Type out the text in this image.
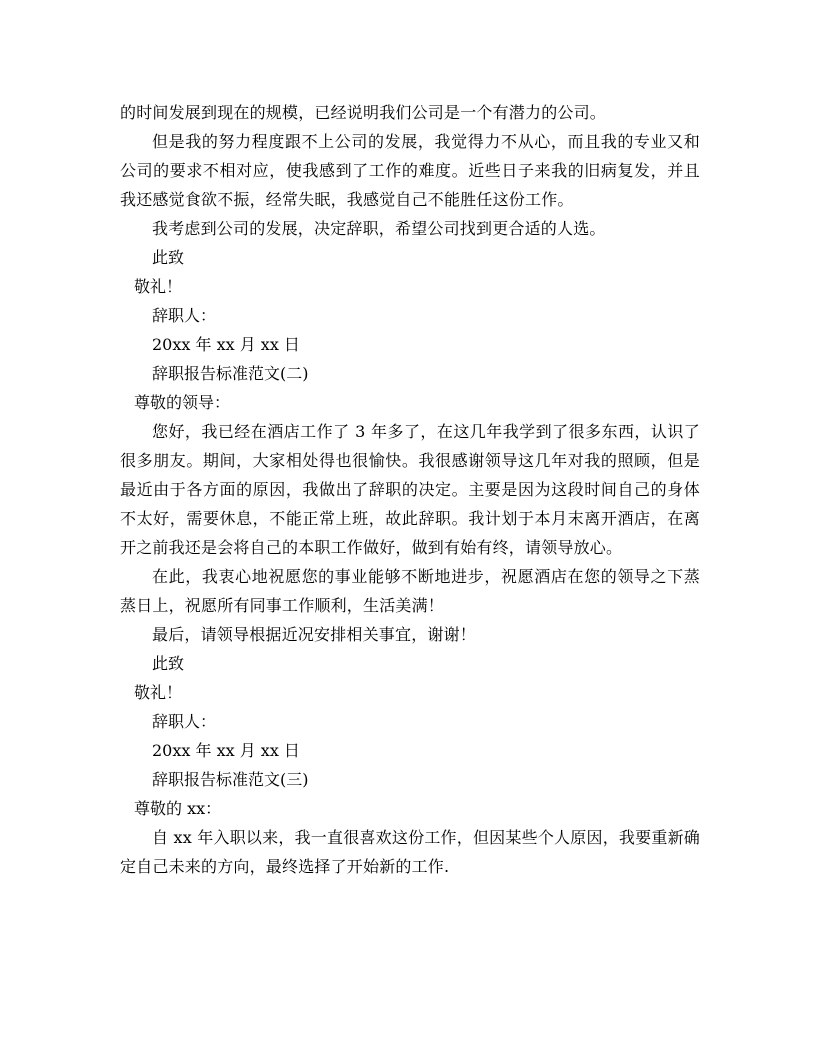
的时间发展到现在的规模，已经说明我们公司是一个有潜力的公司。

但是我的努力程度跟不上公司的发展，我觉得力不从心，而且我的专业又和公司的要求不相对应，使我感到了工作的难度。近些日子来我的旧病复发，并且我还感觉食欲不振，经常失眠，我感觉自己不能胜任这份工作。

我考虑到公司的发展，决定辞职，希望公司找到更合适的人选。

此致
敬礼！
辞职人：
20xx 年 xx 月 xx 日
辞职报告标准范文(二)
尊敬的领导：

您好，我已经在酒店工作了 3 年多了，在这几年我学到了很多东西，认识了很多朋友。期间，大家相处得也很愉快。我很感谢领导这几年对我的照顾，但是最近由于各方面的原因，我做出了辞职的决定。主要是因为这段时间自己的身体不太好，需要休息，不能正常上班，故此辞职。我计划于本月末离开酒店，在离开之前我还是会将自己的本职工作做好，做到有始有终，请领导放心。

在此，我衷心地祝愿您的事业能够不断地进步，祝愿酒店在您的领导之下蒸蒸日上，祝愿所有同事工作顺利，生活美满！

最后，请领导根据近况安排相关事宜，谢谢！

此致
敬礼！
辞职人：
20xx 年 xx 月 xx 日
辞职报告标准范文(三)
尊敬的 xx：

自 xx 年入职以来，我一直很喜欢这份工作，但因某些个人原因，我要重新确定自己未来的方向，最终选择了开始新的工作.
